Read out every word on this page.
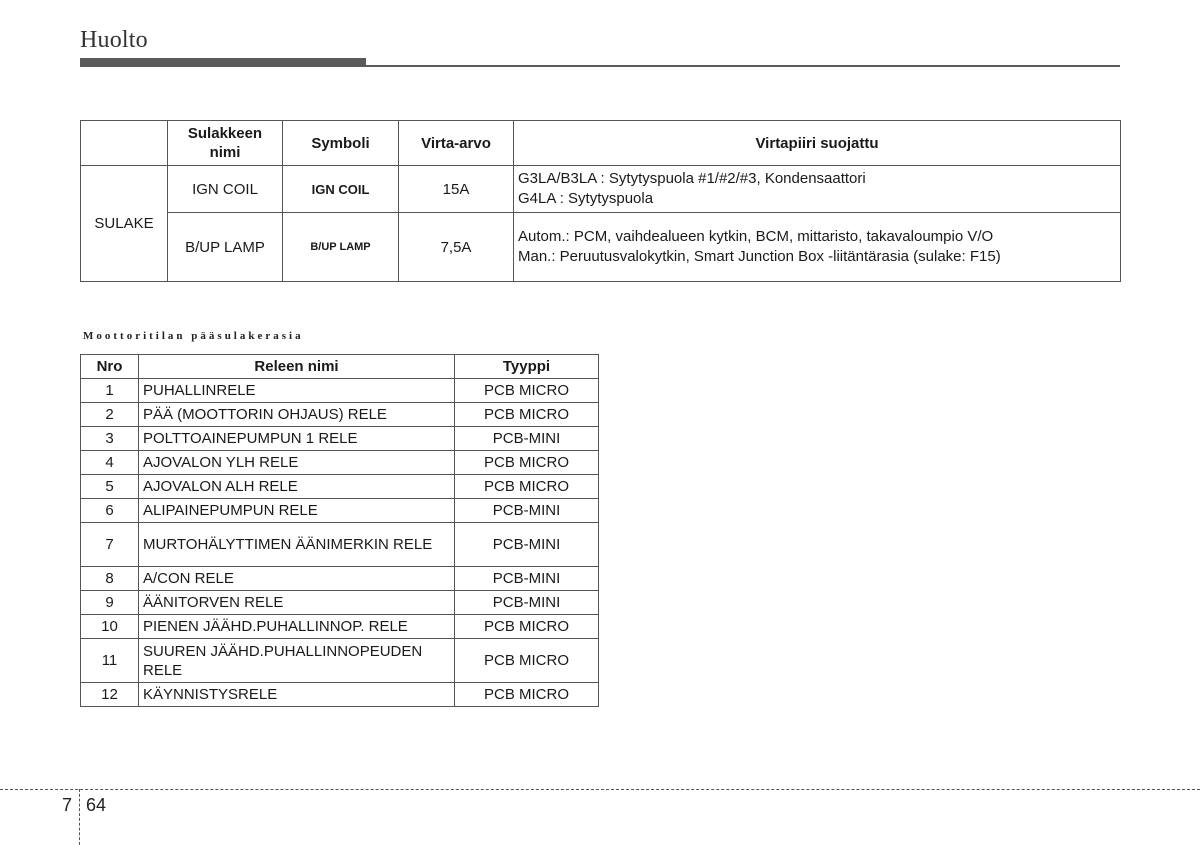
Huolto
	Sulakkeen nimi	Symboli	Virta-arvo	Virtapiiri suojattu
SULAKE	IGN COIL	IGN COIL	15A	G3LA/B3LA : Sytytyspuola #1/#2/#3, Kondensaattori
G4LA : Sytytyspuola
	B/UP LAMP	B/UP LAMP	7,5A	Autom.: PCM, vaihdealueen kytkin, BCM, mittaristo, takavaloumpio V/O
Man.: Peruutusvalokytkin, Smart Junction Box -liitäntärasia (sulake: F15)
Moottoritilan pääsulakerasia
Nro	Releen nimi	Tyyppi
1	PUHALLINRELE	PCB MICRO
2	PÄÄ (MOOTTORIN OHJAUS) RELE	PCB MICRO
3	POLTTOAINEPUMPUN 1 RELE	PCB-MINI
4	AJOVALON YLH RELE	PCB MICRO
5	AJOVALON ALH RELE	PCB MICRO
6	ALIPAINEPUMPUN RELE	PCB-MINI
7	MURTOHÄLYTTIMEN ÄÄNIMERKIN RELE	PCB-MINI
8	A/CON RELE	PCB-MINI
9	ÄÄNITORVEN RELE	PCB-MINI
10	PIENEN JÄÄHD.PUHALLINNOP. RELE	PCB MICRO
11	SUUREN JÄÄHD.PUHALLINNOPEUDEN RELE	PCB MICRO
12	KÄYNNISTYSRELE	PCB MICRO
7 64
